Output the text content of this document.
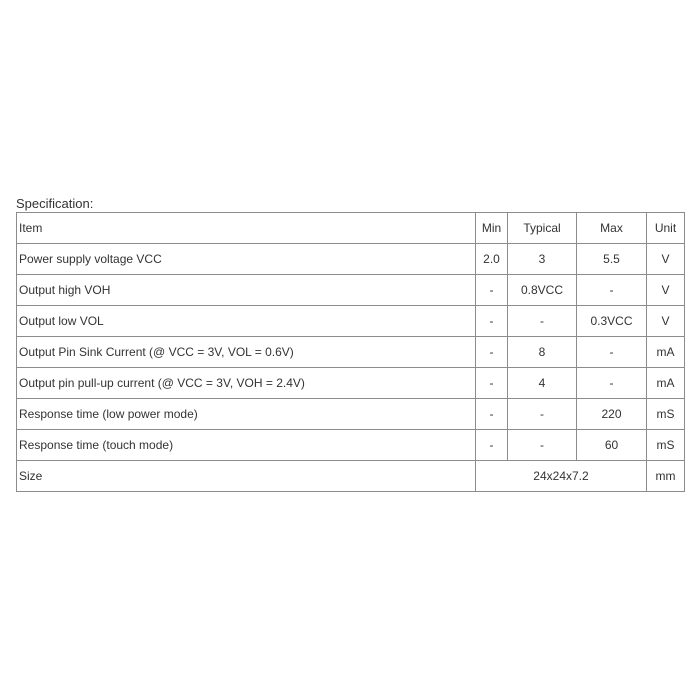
Specification:
Item	Min	Typical	Max	Unit
Power supply voltage VCC	2.0	3	5.5	V
Output high VOH	-	0.8VCC	-	V
Output low VOL	-	-	0.3VCC	V
Output Pin Sink Current (@ VCC = 3V, VOL = 0.6V)	-	8	-	mA
Output pin pull-up current (@ VCC = 3V, VOH = 2.4V)	-	4	-	mA
Response time (low power mode)	-	-	220	mS
Response time (touch mode)	-	-	60	mS
Size	24x24x7.2			mm
